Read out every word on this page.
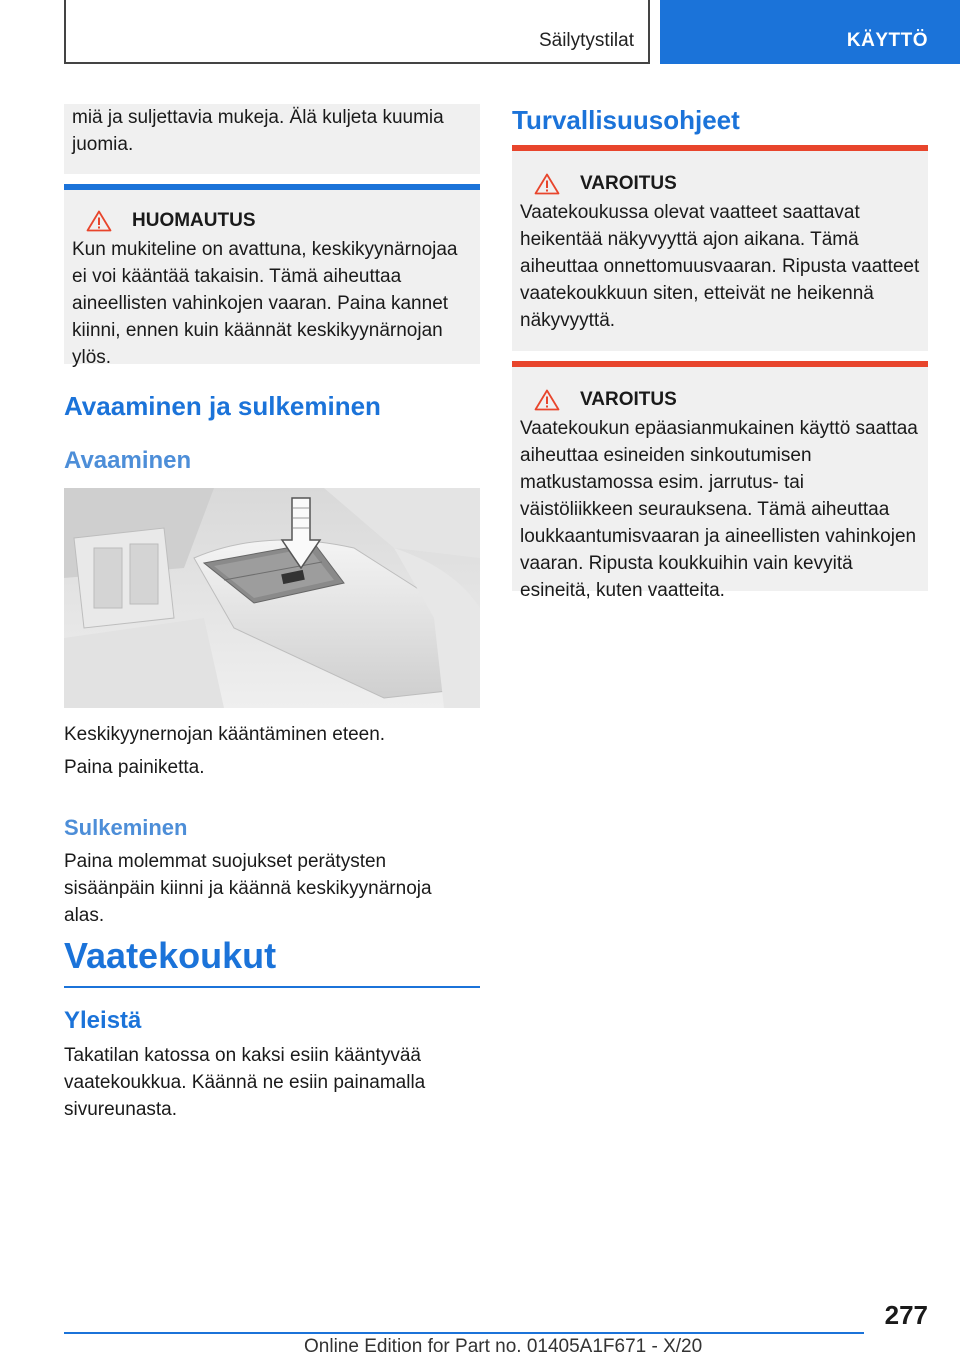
Säilytystilat	KÄYTTÖ

miä ja suljettavia mukeja. Älä kuljeta kuumia juomia.

HUOMAUTUS

Kun mukiteline on avattuna, keskikyynärnojaa ei voi kääntää takaisin. Tämä aiheuttaa aineellisten vahinkojen vaaran. Paina kannet kiinni, ennen kuin käännät keskikyynärnojan ylös.

Avaaminen ja sulkeminen
Avaaminen

Keskikyynernojan kääntäminen eteen.

Paina painiketta.

Sulkeminen

Paina molemmat suojukset perätysten sisäänpäin kiinni ja käännä keskikyynärnoja alas.

Vaatekoukut
Yleistä

Takatilan katossa on kaksi esiin kääntyvää vaatekoukkua. Käännä ne esiin painamalla sivureunasta.

Turvallisuusohjeet
VAROITUS

Vaatekoukussa olevat vaatteet saattavat heikentää näkyvyyttä ajon aikana. Tämä aiheuttaa onnettomuusvaaran. Ripusta vaatteet vaatekoukkuun siten, etteivät ne heikennä näkyvyyttä.

VAROITUS

Vaatekoukun epäasianmukainen käyttö saattaa aiheuttaa esineiden sinkoutumisen matkustamossa esim. jarrutus- tai väistöliikkeen seurauksena. Tämä aiheuttaa loukkaantumisvaaran ja aineellisten vahinkojen vaaran. Ripusta koukkuihin vain kevyitä esineitä, kuten vaatteita.

277
Online Edition for Part no. 01405A1F671 - X/20
